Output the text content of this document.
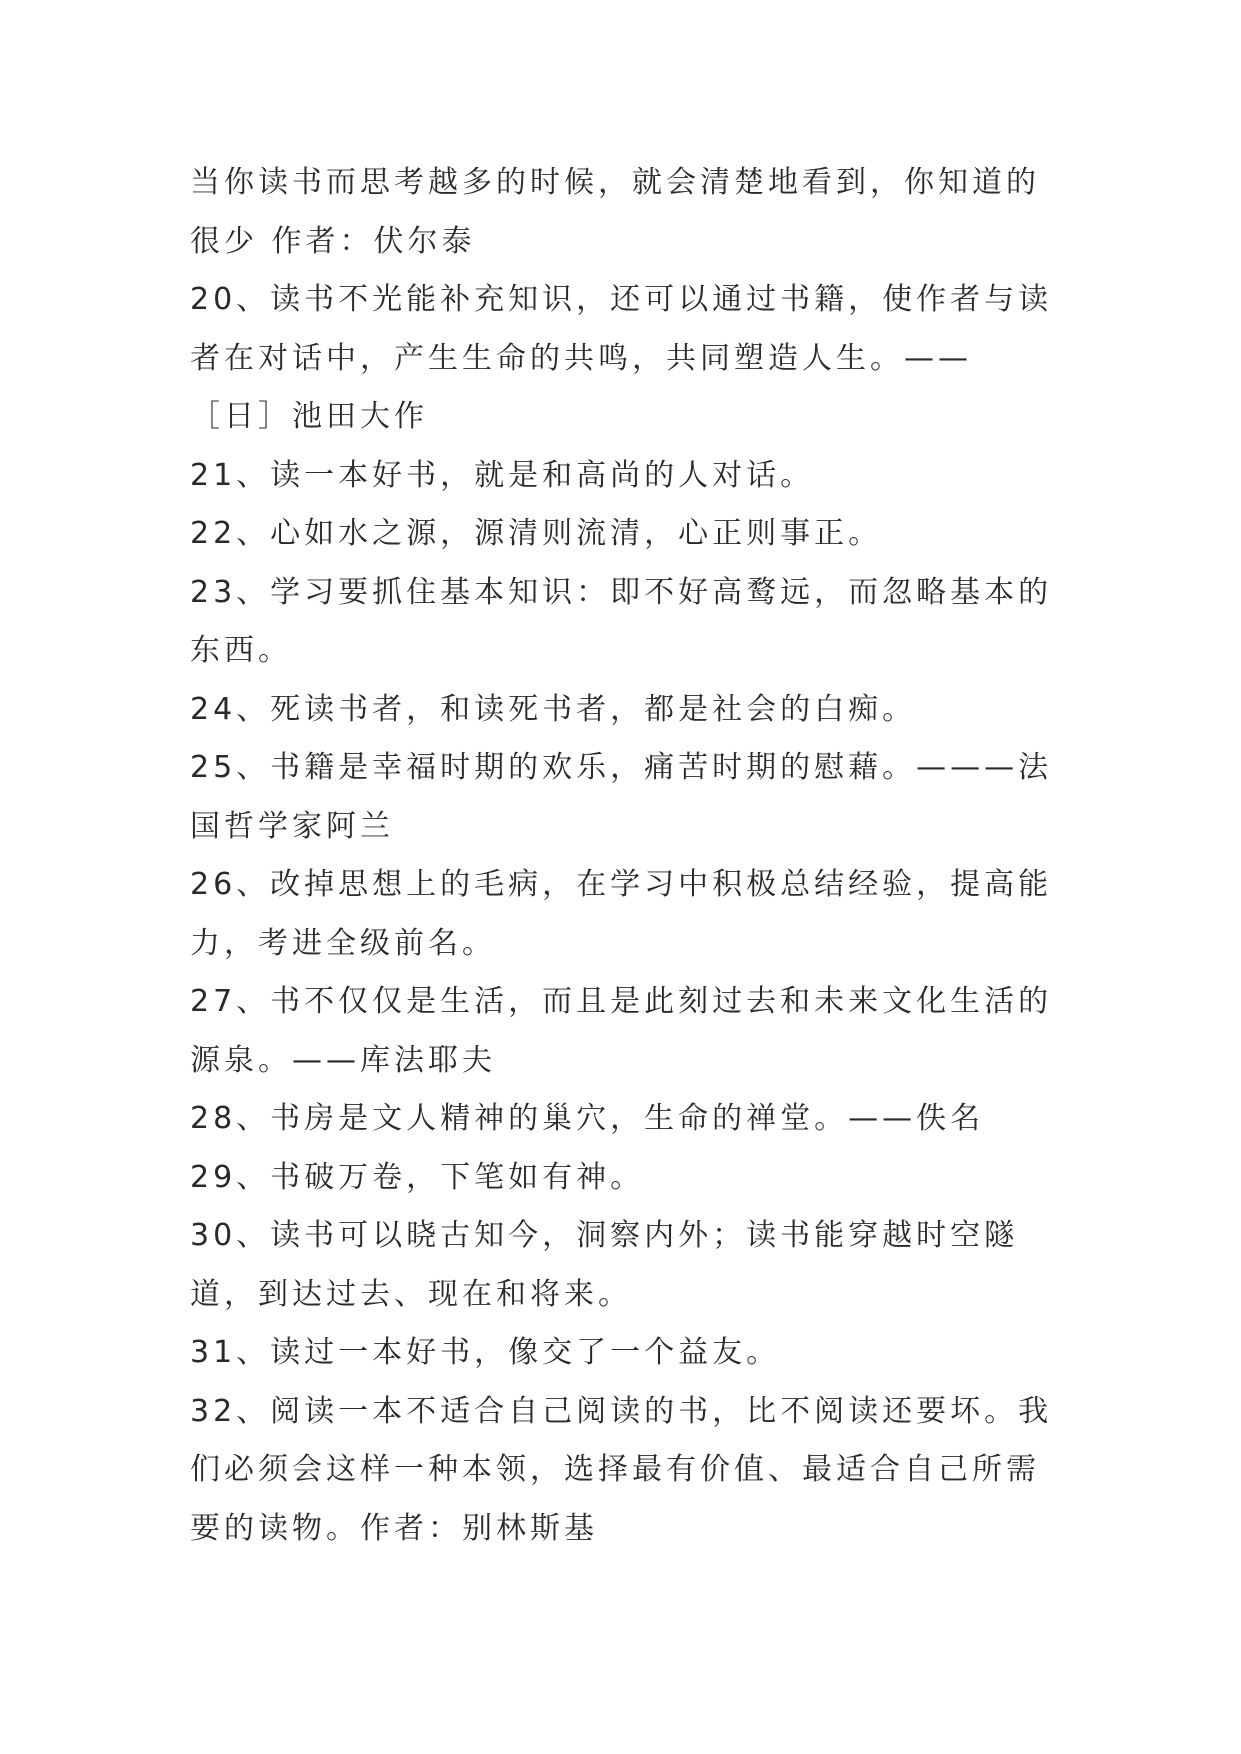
当你读书而思考越多的时候，就会清楚地看到，你知道的很少 作者：伏尔泰

20、读书不光能补充知识，还可以通过书籍，使作者与读者在对话中，产生生命的共鸣，共同塑造人生。—— ［日］池田大作

21、读一本好书，就是和高尚的人对话。

22、心如水之源，源清则流清，心正则事正。

23、学习要抓住基本知识：即不好高鹜远，而忽略基本的东西。

24、死读书者，和读死书者，都是社会的白痴。

25、书籍是幸福时期的欢乐，痛苦时期的慰藉。———法国哲学家阿兰

26、改掉思想上的毛病，在学习中积极总结经验，提高能力，考进全级前名。

27、书不仅仅是生活，而且是此刻过去和未来文化生活的源泉。——库法耶夫

28、书房是文人精神的巢穴，生命的禅堂。——佚名

29、书破万卷，下笔如有神。

30、读书可以晓古知今，洞察内外；读书能穿越时空隧道，到达过去、现在和将来。

31、读过一本好书，像交了一个益友。

32、阅读一本不适合自己阅读的书，比不阅读还要坏。我们必须会这样一种本领，选择最有价值、最适合自己所需要的读物。作者：别林斯基
